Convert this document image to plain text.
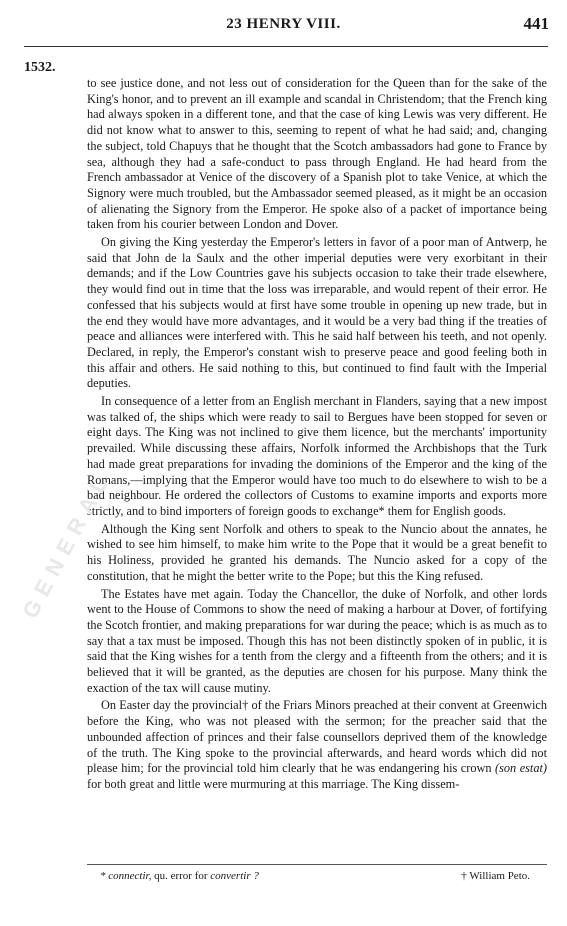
23 HENRY VIII.	441
1532.

to see justice done, and not less out of consideration for the Queen than for the sake of the King's honor, and to prevent an ill example and scandal in Christendom; that the French king had always spoken in a different tone, and that the case of king Lewis was very different. He did not know what to answer to this, seeming to repent of what he had said; and, changing the subject, told Chapuys that he thought that the Scotch ambassadors had gone to France by sea, although they had a safe-conduct to pass through England. He had heard from the French ambassador at Venice of the discovery of a Spanish plot to take Venice, at which the Signory were much troubled, but the Ambassador seemed pleased, as it might be an occasion of alienating the Signory from the Emperor. He spoke also of a packet of importance being taken from his courier between London and Dover.

On giving the King yesterday the Emperor's letters in favor of a poor man of Antwerp, he said that John de la Saulx and the other imperial deputies were very exorbitant in their demands; and if the Low Countries gave his subjects occasion to take their trade elsewhere, they would find out in time that the loss was irreparable, and would repent of their error. He confessed that his subjects would at first have some trouble in opening up new trade, but in the end they would have more advantages, and it would be a very bad thing if the treaties of peace and alliances were interfered with. This he said half between his teeth, and not openly. Declared, in reply, the Emperor's constant wish to preserve peace and good feeling both in this affair and others. He said nothing to this, but continued to find fault with the Imperial deputies.

In consequence of a letter from an English merchant in Flanders, saying that a new impost was talked of, the ships which were ready to sail to Bergues have been stopped for seven or eight days. The King was not inclined to give them licence, but the merchants' importunity prevailed. While discussing these affairs, Norfolk informed the Archbishops that the Turk had made great preparations for invading the dominions of the Emperor and the king of the Romans,—implying that the Emperor would have too much to do elsewhere to wish to be a bad neighbour. He ordered the collectors of Customs to examine imports and exports more strictly, and to bind importers of foreign goods to exchange* them for English goods.

Although the King sent Norfolk and others to speak to the Nuncio about the annates, he wished to see him himself, to make him write to the Pope that it would be a great benefit to his Holiness, provided he granted his demands. The Nuncio asked for a copy of the constitution, that he might the better write to the Pope; but this the King refused.

The Estates have met again. Today the Chancellor, the duke of Norfolk, and other lords went to the House of Commons to show the need of making a harbour at Dover, of fortifying the Scotch frontier, and making preparations for war during the peace; which is as much as to say that a tax must be imposed. Though this has not been distinctly spoken of in public, it is said that the King wishes for a tenth from the clergy and a fifteenth from the others; and it is believed that it will be granted, as the deputies are chosen for his purpose. Many think the exaction of the tax will cause mutiny.

On Easter day the provincial† of the Friars Minors preached at their convent at Greenwich before the King, who was not pleased with the sermon; for the preacher said that the unbounded affection of princes and their false counsellors deprived them of the knowledge of the truth. The King spoke to the provincial afterwards, and heard words which did not please him; for the provincial told him clearly that he was endangering his crown (son estat) for both great and little were murmuring at this marriage. The King dissem-

* connectir, qu. error for convertir ?	† William Peto.
GENERAL
